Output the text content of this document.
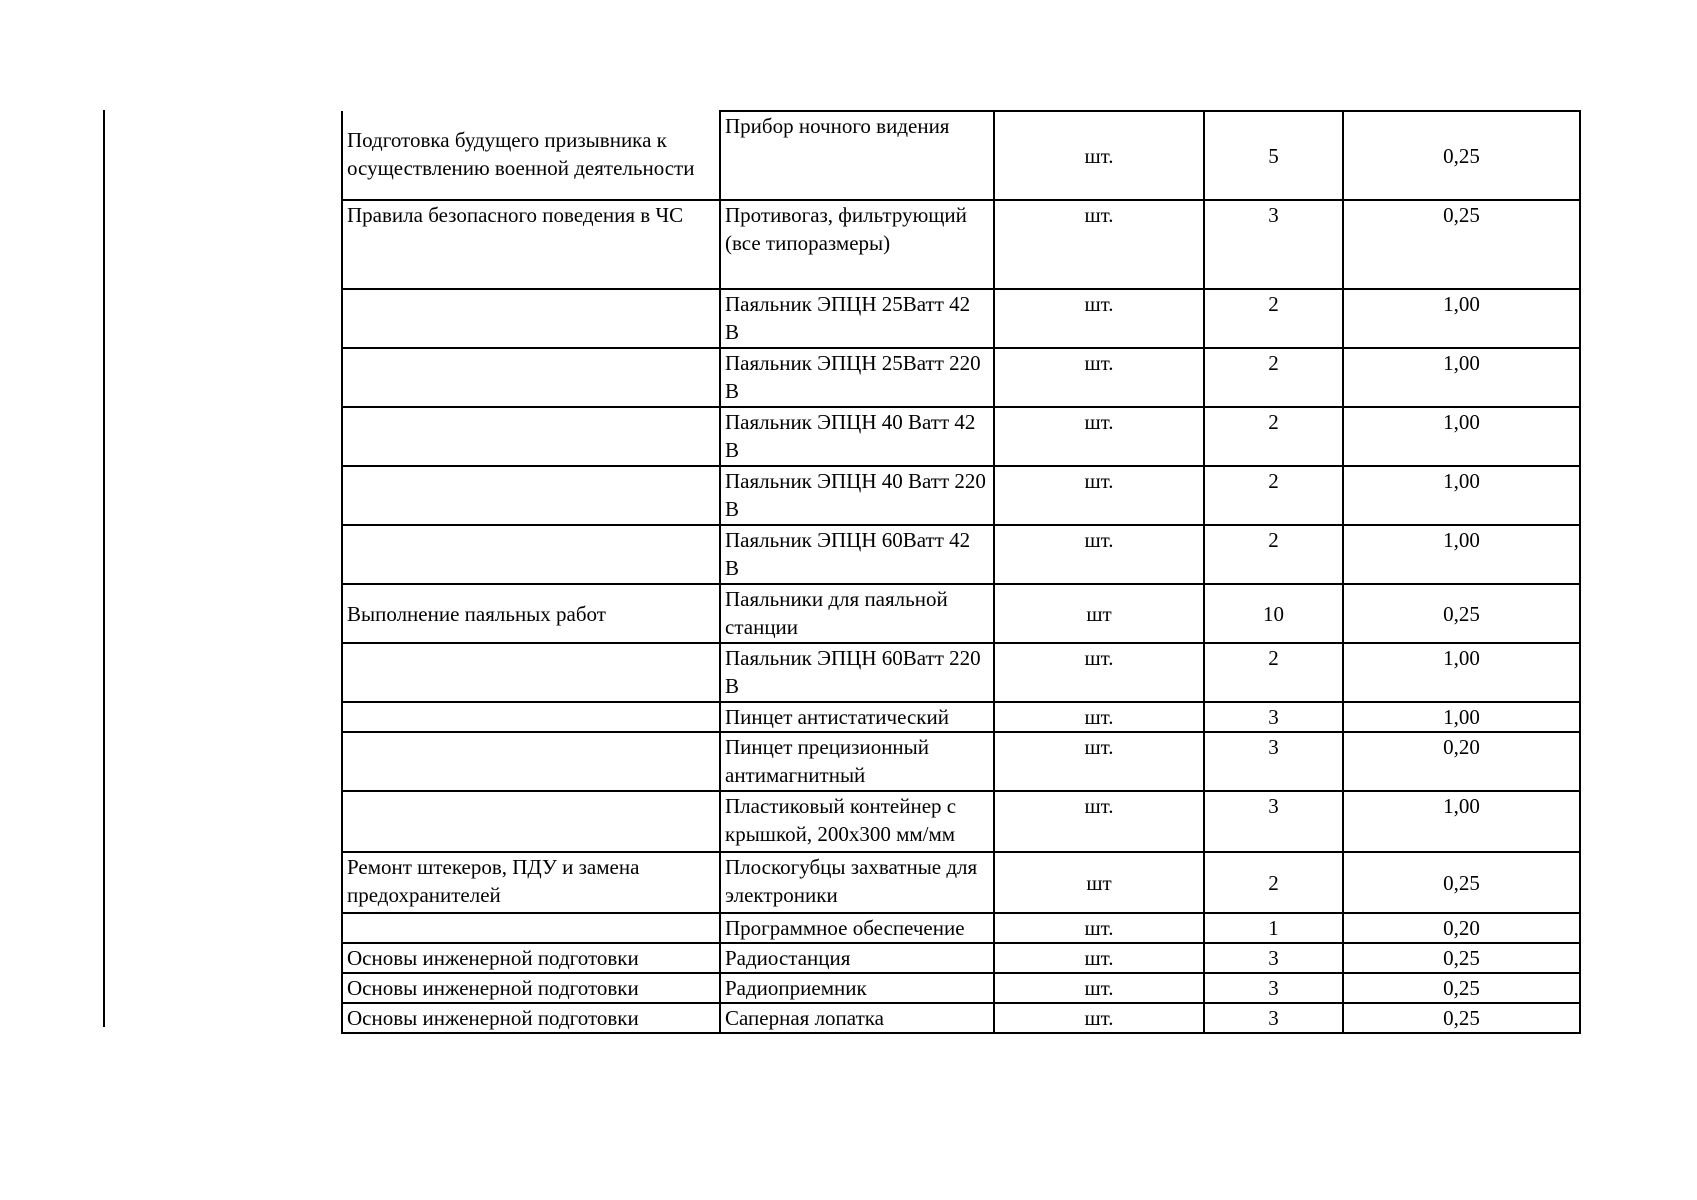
Подготовка будущего призывника к осуществлению военной деятельности	Прибор ночного видения	шт.	5	0,25
Правила безопасного поведения в ЧС	Противогаз, фильтрующий (все типоразмеры)	шт.	3	0,25
	Паяльник ЭПЦН 25Ватт 42 В	шт.	2	1,00
	Паяльник ЭПЦН 25Ватт 220 В	шт.	2	1,00
	Паяльник ЭПЦН 40 Ватт 42 В	шт.	2	1,00
	Паяльник ЭПЦН 40 Ватт 220 В	шт.	2	1,00
	Паяльник ЭПЦН 60Ватт 42 В	шт.	2	1,00
Выполнение паяльных работ	Паяльники для паяльной станции	шт	10	0,25
	Паяльник ЭПЦН 60Ватт 220 В	шт.	2	1,00
	Пинцет антистатический	шт.	3	1,00
	Пинцет прецизионный антимагнитный	шт.	3	0,20
	Пластиковый контейнер с крышкой, 200х300 мм/мм	шт.	3	1,00
Ремонт штекеров, ПДУ и замена предохранителей	Плоскогубцы захватные для электроники	шт	2	0,25
	Программное обеспечение	шт.	1	0,20
Основы инженерной подготовки	Радиостанция	шт.	3	0,25
Основы инженерной подготовки	Радиоприемник	шт.	3	0,25
Основы инженерной подготовки	Саперная лопатка	шт.	3	0,25
